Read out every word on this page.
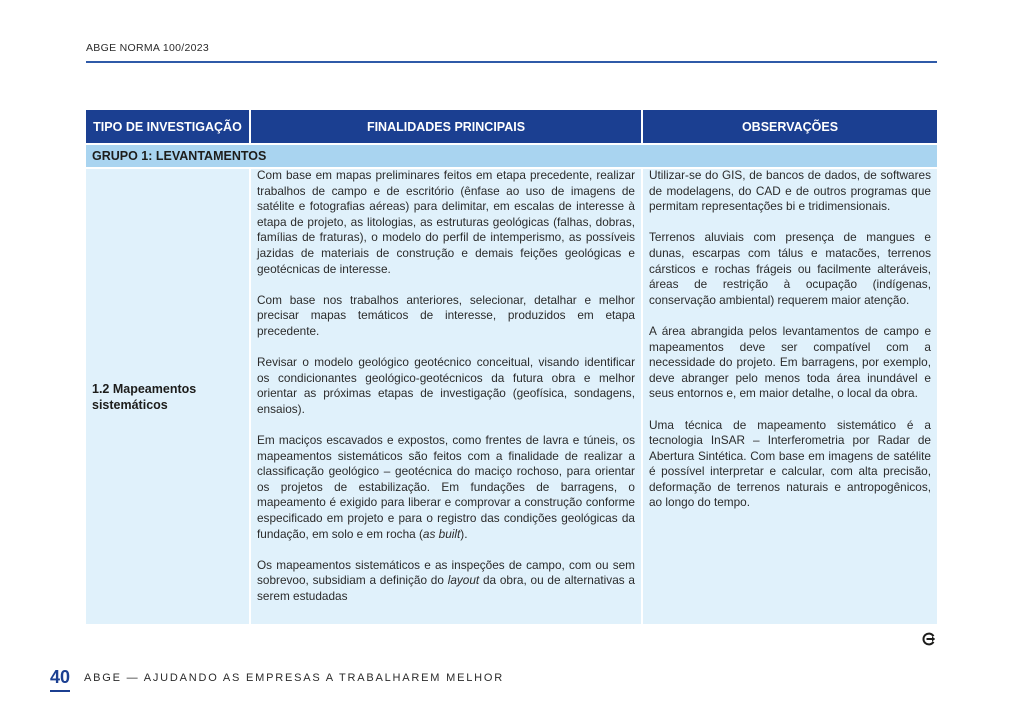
ABGE NORMA 100/2023
TIPO DE INVESTIGAÇÃO	FINALIDADES PRINCIPAIS	OBSERVAÇÕES
GRUPO 1: LEVANTAMENTOS
1.2 Mapeamentos sistemáticos

Com base em mapas preliminares feitos em etapa precedente, realizar trabalhos de campo e de escritório (ênfase ao uso de imagens de satélite e fotografias aéreas) para delimitar, em escalas de interesse à etapa de projeto, as litologias, as estruturas geológicas (falhas, dobras, famílias de fraturas), o modelo do perfil de intemperismo, as possíveis jazidas de materiais de construção e demais feições geológicas e geotécnicas de interesse.

Com base nos trabalhos anteriores, selecionar, detalhar e melhor precisar mapas temáticos de interesse, produzidos em etapa precedente.

Revisar o modelo geológico geotécnico conceitual, visando identificar os condicionantes geológico-geotécnicos da futura obra e melhor orientar as próximas etapas de investigação (geofísica, sondagens, ensaios).

Em maciços escavados e expostos, como frentes de lavra e túneis, os mapeamentos sistemáticos são feitos com a finalidade de realizar a classificação geológico – geotécnica do maciço rochoso, para orientar os projetos de estabilização. Em fundações de barragens, o mapeamento é exigido para liberar e comprovar a construção conforme especificado em projeto e para o registro das condições geológicas da fundação, em solo e em rocha (as built).

Os mapeamentos sistemáticos e as inspeções de campo, com ou sem sobrevoo, subsidiam a definição do layout da obra, ou de alternativas a serem estudadas

Utilizar-se do GIS, de bancos de dados, de softwares de modelagens, do CAD e de outros programas que permitam representações bi e tridimensionais.

Terrenos aluviais com presença de mangues e dunas, escarpas com tálus e matacões, terrenos cársticos e rochas frágeis ou facilmente alteráveis, áreas de restrição à ocupação (indígenas, conservação ambiental) requerem maior atenção.

A área abrangida pelos levantamentos de campo e mapeamentos deve ser compatível com a necessidade do projeto. Em barragens, por exemplo, deve abranger pelo menos toda área inundável e seus entornos e, em maior detalhe, o local da obra.

Uma técnica de mapeamento sistemático é a tecnologia InSAR – Interferometria por Radar de Abertura Sintética. Com base em imagens de satélite é possível interpretar e calcular, com alta precisão, deformação de terrenos naturais e antropogênicos, ao longo do tempo.

40 ABGE — AJUDANDO AS EMPRESAS A TRABALHAREM MELHOR
